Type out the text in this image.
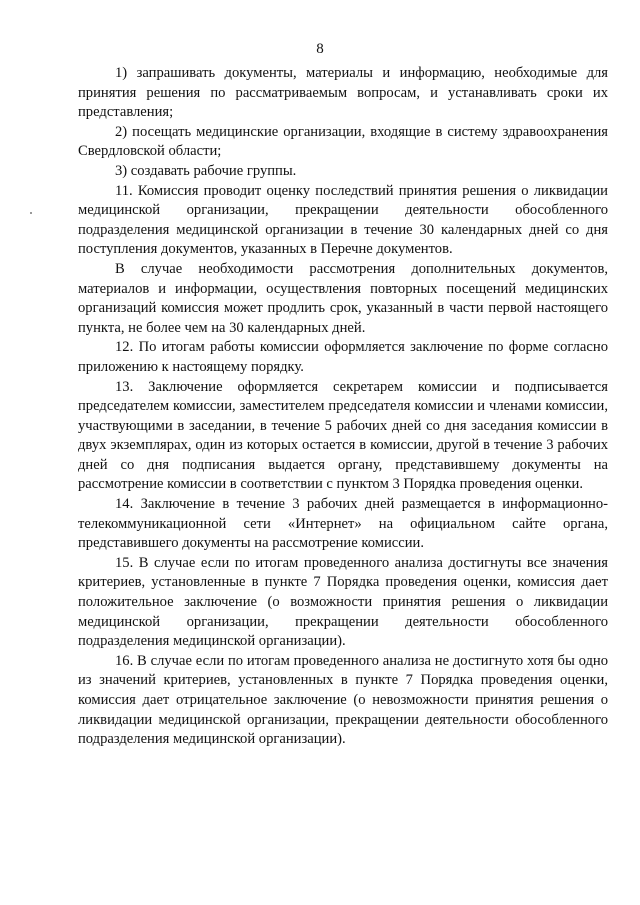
8

1) запрашивать документы, материалы и информацию, необходимые для принятия решения по рассматриваемым вопросам, и устанавливать сроки их представления;

2) посещать медицинские организации, входящие в систему здравоохранения Свердловской области;

3) создавать рабочие группы.

11. Комиссия проводит оценку последствий принятия решения о ликвидации медицинской организации, прекращении деятельности обособленного подразделения медицинской организации в течение 30 календарных дней со дня поступления документов, указанных в Перечне документов.

В случае необходимости рассмотрения дополнительных документов, материалов и информации, осуществления повторных посещений медицинских организаций комиссия может продлить срок, указанный в части первой настоящего пункта, не более чем на 30 календарных дней.

12. По итогам работы комиссии оформляется заключение по форме согласно приложению к настоящему порядку.

13. Заключение оформляется секретарем комиссии и подписывается председателем комиссии, заместителем председателя комиссии и членами комиссии, участвующими в заседании, в течение 5 рабочих дней со дня заседания комиссии в двух экземплярах, один из которых остается в комиссии, другой в течение 3 рабочих дней со дня подписания выдается органу, представившему документы на рассмотрение комиссии в соответствии с пунктом 3 Порядка проведения оценки.

14. Заключение в течение 3 рабочих дней размещается в информационно-телекоммуникационной сети «Интернет» на официальном сайте органа, представившего документы на рассмотрение комиссии.

15. В случае если по итогам проведенного анализа достигнуты все значения критериев, установленные в пункте 7 Порядка проведения оценки, комиссия дает положительное заключение (о возможности принятия решения о ликвидации медицинской организации, прекращении деятельности обособленного подразделения медицинской организации).

16. В случае если по итогам проведенного анализа не достигнуто хотя бы одно из значений критериев, установленных в пункте 7 Порядка проведения оценки, комиссия дает отрицательное заключение (о невозможности принятия решения о ликвидации медицинской организации, прекращении деятельности обособленного подразделения медицинской организации).
